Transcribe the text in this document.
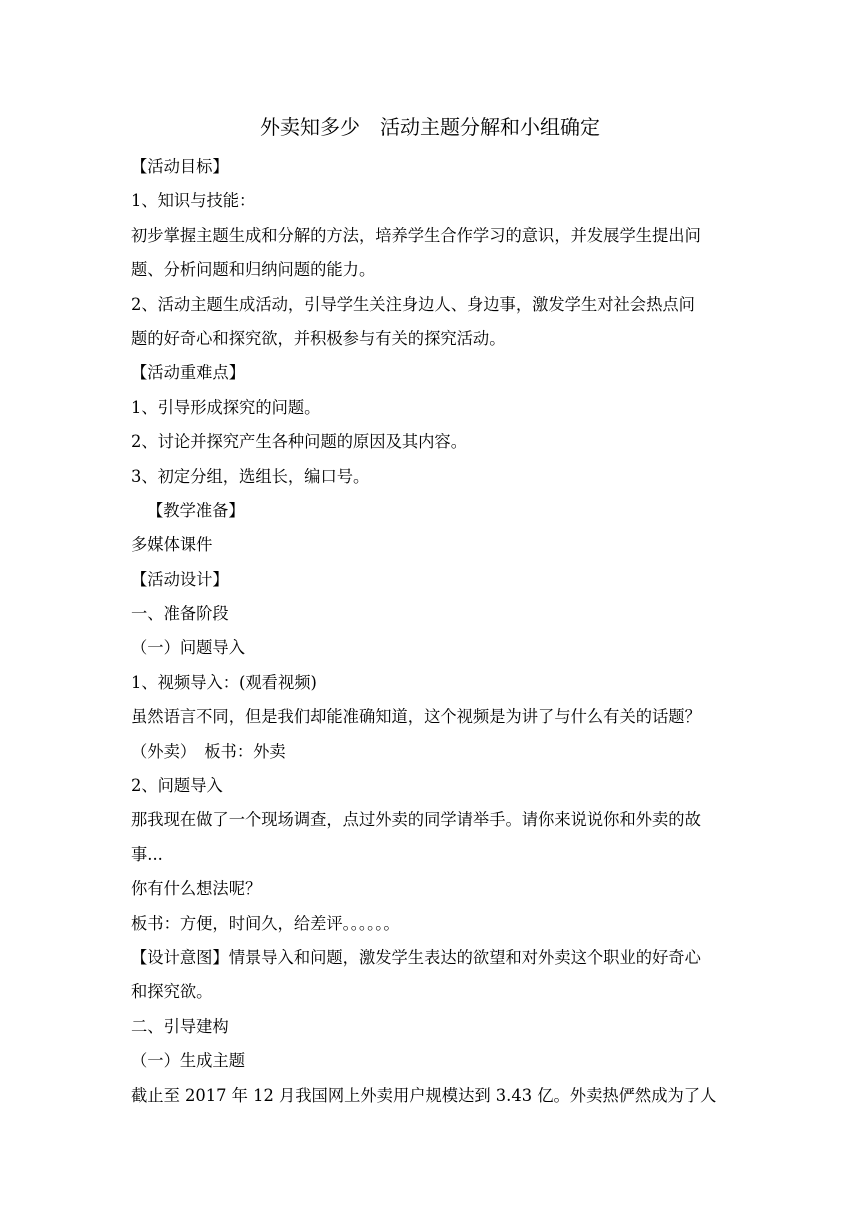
外卖知多少　活动主题分解和小组确定
【活动目标】
1、知识与技能：
初步掌握主题生成和分解的方法，培养学生合作学习的意识，并发展学生提出问
题、分析问题和归纳问题的能力。
2、活动主题生成活动，引导学生关注身边人、身边事，激发学生对社会热点问
题的好奇心和探究欲，并积极参与有关的探究活动。
【活动重难点】
1、引导形成探究的问题。
2、讨论并探究产生各种问题的原因及其内容。
3、初定分组，选组长，编口号。
【教学准备】
多媒体课件
【活动设计】
一、准备阶段
（一）问题导入
1、视频导入：(观看视频)
虽然语言不同，但是我们却能准确知道，这个视频是为讲了与什么有关的话题？
（外卖）　板书：外卖
2、问题导入
那我现在做了一个现场调查，点过外卖的同学请举手。请你来说说你和外卖的故
事...
你有什么想法呢？
板书：方便，时间久，给差评。。。。。。
【设计意图】情景导入和问题，激发学生表达的欲望和对外卖这个职业的好奇心
和探究欲。
二、引导建构
（一）生成主题
截止至 2017 年 12 月我国网上外卖用户规模达到 3.43 亿。外卖热俨然成为了人
